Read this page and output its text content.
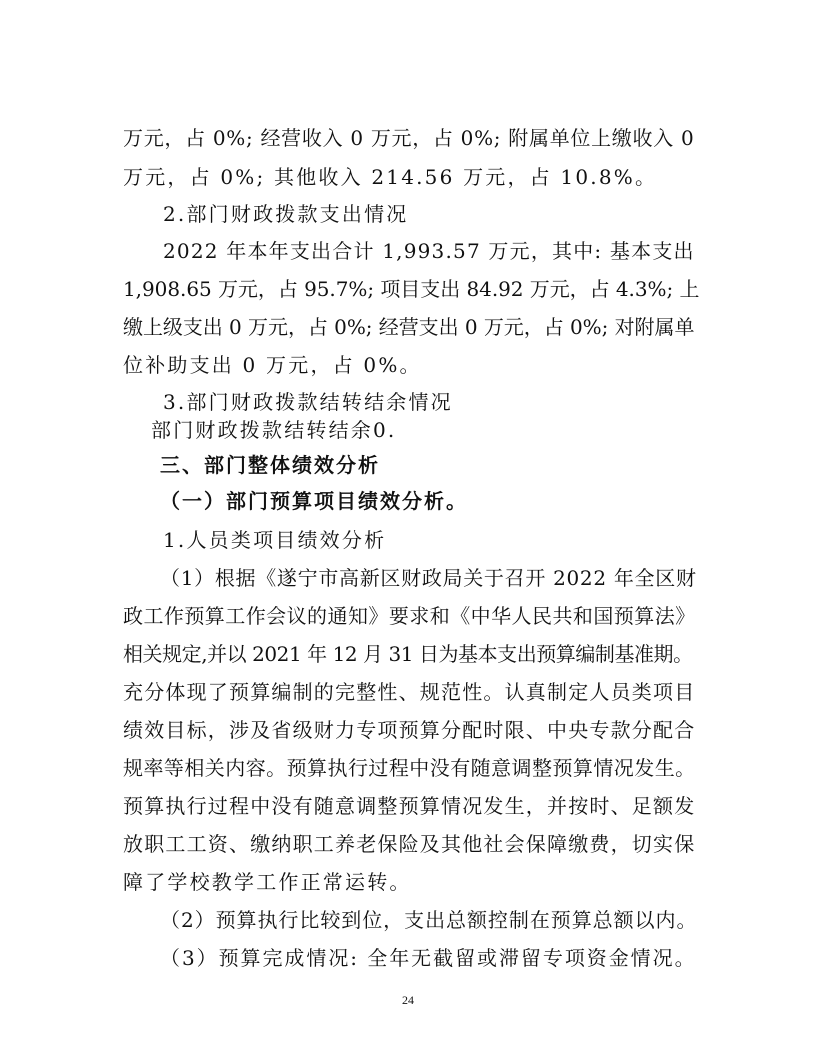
万元，占 0%; 经营收入 0 万元，占 0%; 附属单位上缴收入 0

万元，占 0%; 其他收入 214.56 万元，占 10.8%。

2.部门财政拨款支出情况

2022 年本年支出合计 1,993.57 万元，其中: 基本支出

1,908.65 万元，占 95.7%; 项目支出 84.92 万元，占 4.3%; 上

缴上级支出 0 万元，占 0%; 经营支出 0 万元，占 0%; 对附属单

位补助支出 0 万元，占 0%。

3.部门财政拨款结转结余情况

部门财政拨款结转结余0.

三、部门整体绩效分析

（一）部门预算项目绩效分析。

1.人员类项目绩效分析

（1）根据《遂宁市高新区财政局关于召开 2022 年全区财

政工作预算工作会议的通知》要求和《中华人民共和国预算法》

相关规定,并以 2021 年 12 月 31 日为基本支出预算编制基准期。

充分体现了预算编制的完整性、规范性。认真制定人员类项目

绩效目标，涉及省级财力专项预算分配时限、中央专款分配合

规率等相关内容。预算执行过程中没有随意调整预算情况发生。

预算执行过程中没有随意调整预算情况发生，并按时、足额发

放职工工资、缴纳职工养老保险及其他社会保障缴费，切实保

障了学校教学工作正常运转。

（2）预算执行比较到位，支出总额控制在预算总额以内。

（3）预算完成情况: 全年无截留或滞留专项资金情况。

24
